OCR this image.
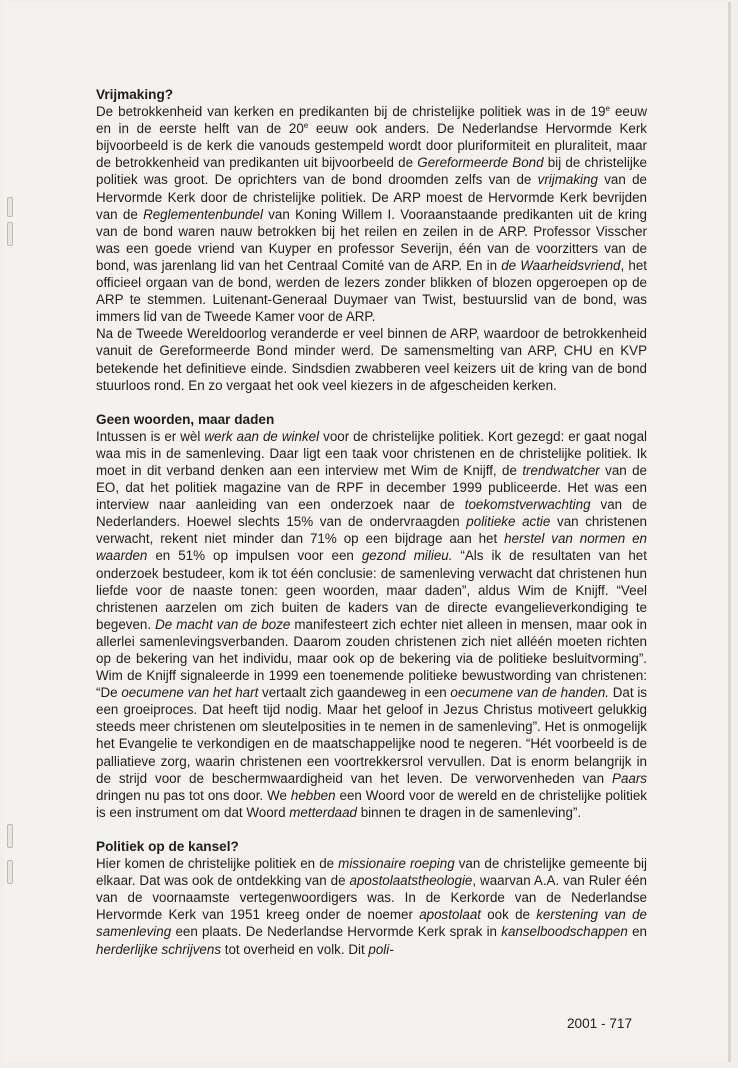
Vrijmaking?

De betrokkenheid van kerken en predikanten bij de christelijke politiek was in de 19e eeuw en in de eerste helft van de 20e eeuw ook anders. De Nederlandse Hervormde Kerk bijvoorbeeld is de kerk die vanouds gestempeld wordt door pluriformiteit en pluraliteit, maar de betrokkenheid van predikanten uit bijvoorbeeld de Gereformeerde Bond bij de christelijke politiek was groot. De oprichters van de bond droomden zelfs van de vrijmaking van de Hervormde Kerk door de christelijke politiek. De ARP moest de Hervormde Kerk bevrijden van de Reglementenbundel van Koning Willem I. Vooraanstaande predikanten uit de kring van de bond waren nauw betrokken bij het reilen en zeilen in de ARP. Professor Visscher was een goede vriend van Kuyper en professor Severijn, één van de voorzitters van de bond, was jarenlang lid van het Centraal Comité van de ARP. En in de Waarheidsvriend, het officieel orgaan van de bond, werden de lezers zonder blikken of blozen opgeroepen op de ARP te stemmen. Luitenant-Generaal Duymaer van Twist, bestuurslid van de bond, was immers lid van de Tweede Kamer voor de ARP.

Na de Tweede Wereldoorlog veranderde er veel binnen de ARP, waardoor de betrokkenheid vanuit de Gereformeerde Bond minder werd. De samensmelting van ARP, CHU en KVP betekende het definitieve einde. Sindsdien zwabberen veel keizers uit de kring van de bond stuurloos rond. En zo vergaat het ook veel kiezers in de afgescheiden kerken.

Geen woorden, maar daden

Intussen is er wèl werk aan de winkel voor de christelijke politiek. Kort gezegd: er gaat nogal waa mis in de samenleving. Daar ligt een taak voor christenen en de christelijke politiek. Ik moet in dit verband denken aan een interview met Wim de Knijff, de trendwatcher van de EO, dat het politiek magazine van de RPF in december 1999 publiceerde. Het was een interview naar aanleiding van een onderzoek naar de toekomstverwachting van de Nederlanders. Hoewel slechts 15% van de ondervraagden politieke actie van christenen verwacht, rekent niet minder dan 71% op een bijdrage aan het herstel van normen en waarden en 51% op impulsen voor een gezond milieu. “Als ik de resultaten van het onderzoek bestudeer, kom ik tot één conclusie: de samenleving verwacht dat christenen hun liefde voor de naaste tonen: geen woorden, maar daden”, aldus Wim de Knijff. “Veel christenen aarzelen om zich buiten de kaders van de directe evangelieverkondiging te begeven. De macht van de boze manifesteert zich echter niet alleen in mensen, maar ook in allerlei samenlevingsverbanden. Daarom zouden christenen zich niet alléén moeten richten op de bekering van het individu, maar ook op de bekering via de politieke besluitvorming”. Wim de Knijff signaleerde in 1999 een toenemende politieke bewustwording van christenen: “De oecumene van het hart vertaalt zich gaandeweg in een oecumene van de handen. Dat is een groeiproces. Dat heeft tijd nodig. Maar het geloof in Jezus Christus motiveert gelukkig steeds meer christenen om sleutelposities in te nemen in de samenleving”. Het is onmogelijk het Evangelie te verkondigen en de maatschappelijke nood te negeren. “Hét voorbeeld is de palliatieve zorg, waarin christenen een voortrekkersrol vervullen. Dat is enorm belangrijk in de strijd voor de beschermwaardigheid van het leven. De verworvenheden van Paars dringen nu pas tot ons door. We hebben een Woord voor de wereld en de christelijke politiek is een instrument om dat Woord metterdaad binnen te dragen in de samenleving”.

Politiek op de kansel?

Hier komen de christelijke politiek en de missionaire roeping van de christelijke gemeente bij elkaar. Dat was ook de ontdekking van de apostolaatstheologie, waarvan A.A. van Ruler één van de voornaamste vertegenwoordigers was. In de Kerkorde van de Nederlandse Hervormde Kerk van 1951 kreeg onder de noemer apostolaat ook de kerstening van de samenleving een plaats. De Nederlandse Hervormde Kerk sprak in kanselboodschappen en herderlijke schrijvens tot overheid en volk. Dit poli-

2001 - 717
